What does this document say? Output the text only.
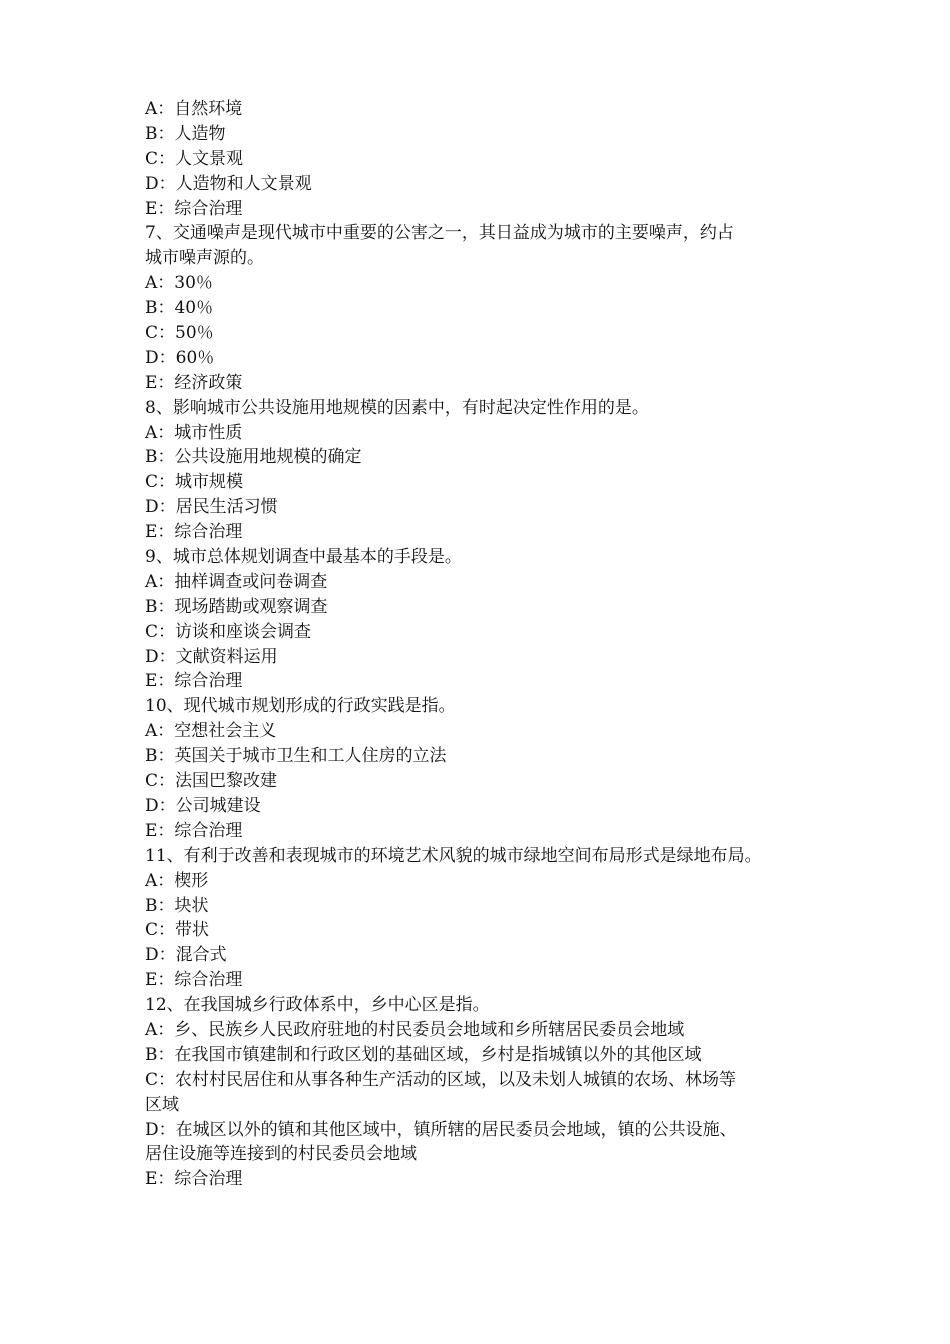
A：自然环境
B：人造物
C：人文景观
D：人造物和人文景观
E：综合治理
7、交通噪声是现代城市中重要的公害之一，其日益成为城市的主要噪声，约占
城市噪声源的。
A：30％
B：40％
C：50％
D：60％
E：经济政策
8、影响城市公共设施用地规模的因素中，有时起决定性作用的是。
A：城市性质
B：公共设施用地规模的确定
C：城市规模
D：居民生活习惯
E：综合治理
9、城市总体规划调查中最基本的手段是。
A：抽样调查或问卷调查
B：现场踏勘或观察调查
C：访谈和座谈会调查
D：文献资料运用
E：综合治理
10、现代城市规划形成的行政实践是指。
A：空想社会主义
B：英国关于城市卫生和工人住房的立法
C：法国巴黎改建
D：公司城建设
E：综合治理
11、有利于改善和表现城市的环境艺术风貌的城市绿地空间布局形式是绿地布局。
A：楔形
B：块状
C：带状
D：混合式
E：综合治理
12、在我国城乡行政体系中，乡中心区是指。
A：乡、民族乡人民政府驻地的村民委员会地域和乡所辖居民委员会地域
B：在我国市镇建制和行政区划的基础区域，乡村是指城镇以外的其他区域
C：农村村民居住和从事各种生产活动的区域，以及未划人城镇的农场、林场等
区域
D：在城区以外的镇和其他区域中，镇所辖的居民委员会地域，镇的公共设施、
居住设施等连接到的村民委员会地域
E：综合治理
